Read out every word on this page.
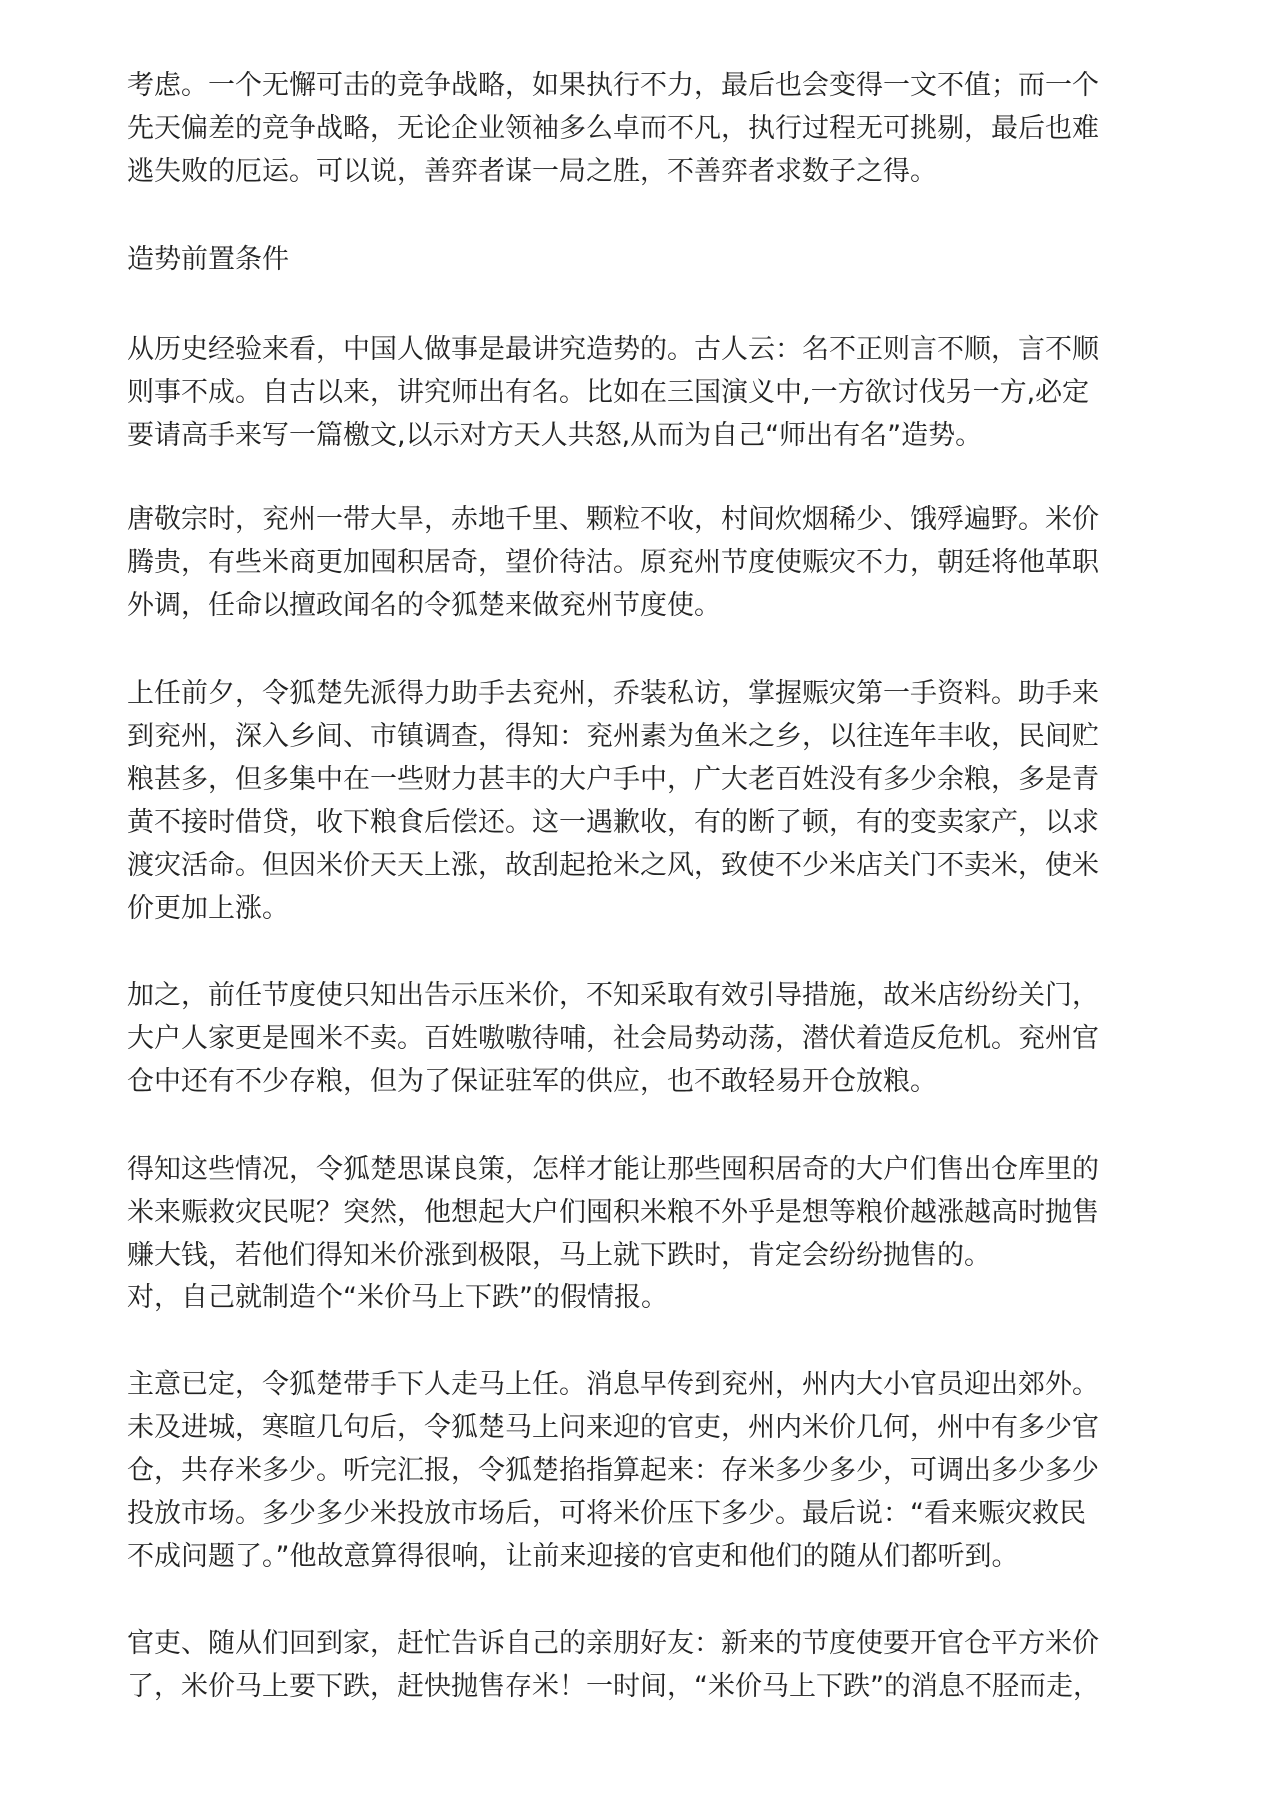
考虑。一个无懈可击的竞争战略，如果执行不力，最后也会变得一文不值；而一个

先天偏差的竞争战略，无论企业领袖多么卓而不凡，执行过程无可挑剔，最后也难

逃失败的厄运。可以说，善弈者谋一局之胜，不善弈者求数子之得。

造势前置条件

从历史经验来看，中国人做事是最讲究造势的。古人云：名不正则言不顺，言不顺

则事不成。自古以来，讲究师出有名。比如在三国演义中,一方欲讨伐另一方,必定

要请高手来写一篇檄文,以示对方天人共怒,从而为自己“师出有名”造势。

唐敬宗时，兖州一带大旱，赤地千里、颗粒不收，村间炊烟稀少、饿殍遍野。米价

腾贵，有些米商更加囤积居奇，望价待沽。原兖州节度使赈灾不力，朝廷将他革职

外调，任命以擅政闻名的令狐楚来做兖州节度使。

上任前夕，令狐楚先派得力助手去兖州，乔装私访，掌握赈灾第一手资料。助手来

到兖州，深入乡间、市镇调查，得知：兖州素为鱼米之乡，以往连年丰收，民间贮

粮甚多，但多集中在一些财力甚丰的大户手中，广大老百姓没有多少余粮，多是青

黄不接时借贷，收下粮食后偿还。这一遇歉收，有的断了顿，有的变卖家产，以求

渡灾活命。但因米价天天上涨，故刮起抢米之风，致使不少米店关门不卖米，使米

价更加上涨。

加之，前任节度使只知出告示压米价，不知采取有效引导措施，故米店纷纷关门，

大户人家更是囤米不卖。百姓嗷嗷待哺，社会局势动荡，潜伏着造反危机。兖州官

仓中还有不少存粮，但为了保证驻军的供应，也不敢轻易开仓放粮。

得知这些情况，令狐楚思谋良策，怎样才能让那些囤积居奇的大户们售出仓库里的

米来赈救灾民呢？突然，他想起大户们囤积米粮不外乎是想等粮价越涨越高时抛售

赚大钱，若他们得知米价涨到极限，马上就下跌时，肯定会纷纷抛售的。

对，自己就制造个“米价马上下跌”的假情报。

主意已定，令狐楚带手下人走马上任。消息早传到兖州，州内大小官员迎出郊外。

未及进城，寒暄几句后，令狐楚马上问来迎的官吏，州内米价几何，州中有多少官

仓，共存米多少。听完汇报，令狐楚掐指算起来：存米多少多少，可调出多少多少

投放市场。多少多少米投放市场后，可将米价压下多少。最后说：“看来赈灾救民

不成问题了。”他故意算得很响，让前来迎接的官吏和他们的随从们都听到。

官吏、随从们回到家，赶忙告诉自己的亲朋好友：新来的节度使要开官仓平方米价

了，米价马上要下跌，赶快抛售存米！一时间，“米价马上下跌”的消息不胫而走，
